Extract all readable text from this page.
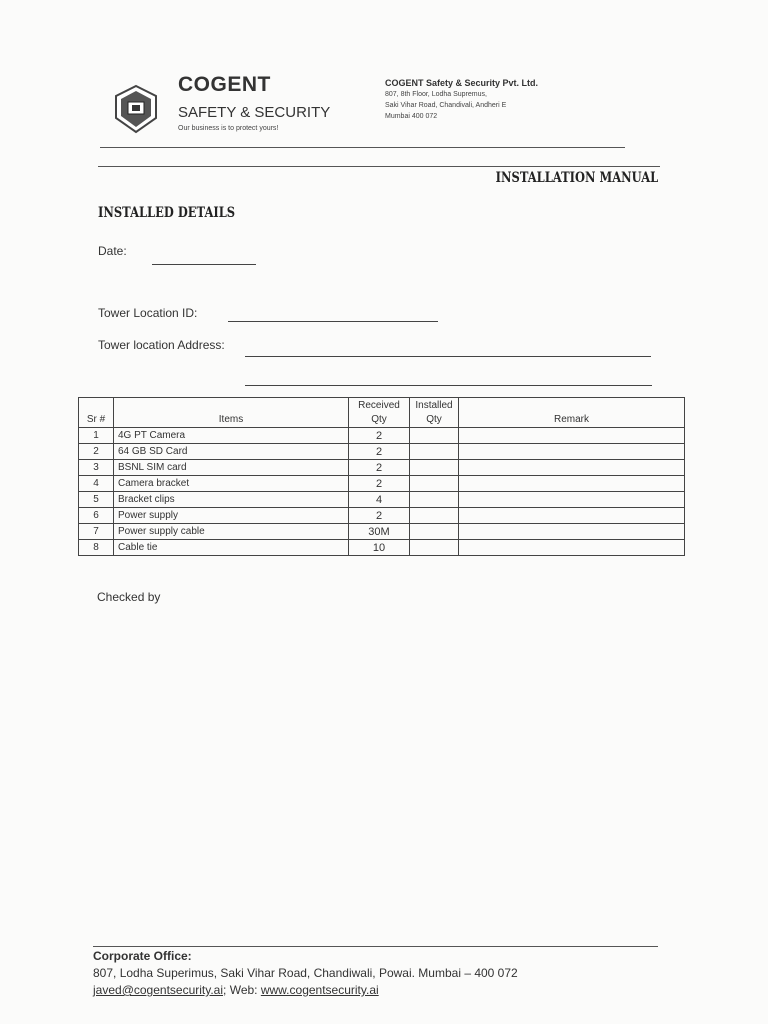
COGENT
SAFETY & SECURITY
Our business is to protect yours!
COGENT Safety & Security Pvt. Ltd.
807, 8th Floor, Lodha Supremus,
Saki Vihar Road, Chandivali, Andheri E
Mumbai 400 072
INSTALLATION MANUAL
INSTALLED DETAILS
Date:
Tower Location ID:
Tower location Address:
Sr #	Items	Received Qty	Installed Qty	Remark
1	4G PT Camera	2		
2	64 GB SD Card	2		
3	BSNL SIM card	2		
4	Camera bracket	2		
5	Bracket clips	4		
6	Power supply	2		
7	Power supply cable	30M		
8	Cable tie	10		
Checked by
Corporate Office:
807, Lodha Superimus, Saki Vihar Road, Chandiwali, Powai. Mumbai – 400 072
javed@cogentsecurity.ai; Web: www.cogentsecurity.ai
